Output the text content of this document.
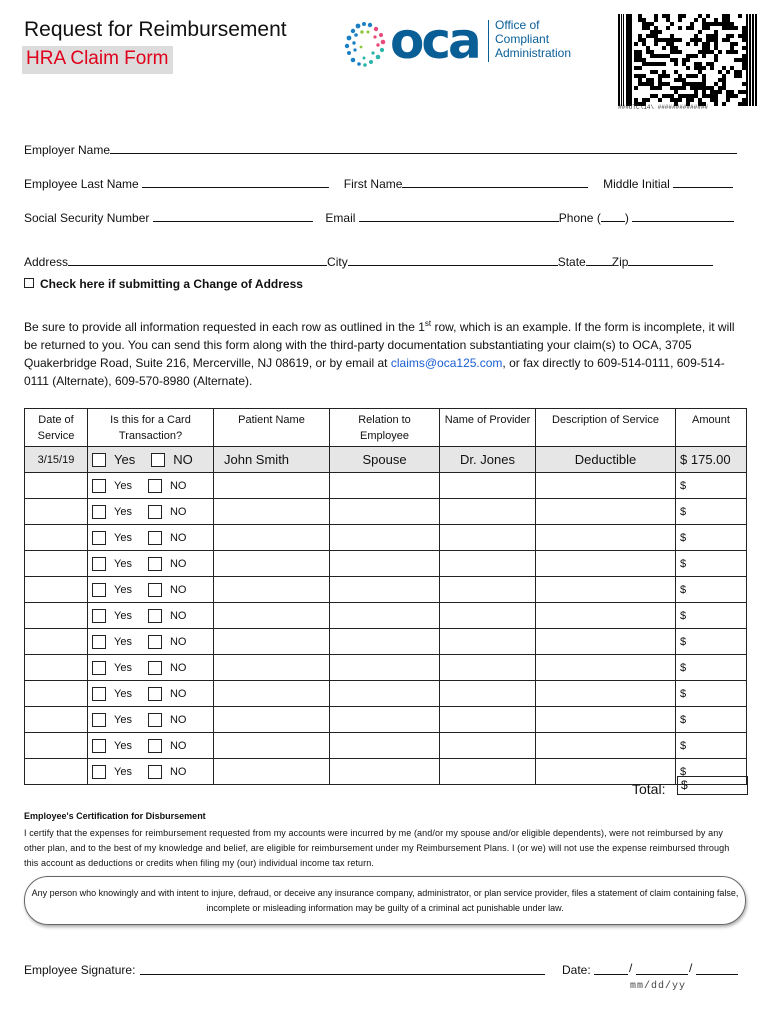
Request for Reimbursement
HRA Claim Form	oca Office of
Compliant
Administration
###OTC\14\ ##############
Employer Name
Employee Last Name	First Name	Middle Initial
Social Security Number	Email	Phone ( )
Address	City	State Zip
Check here if submitting a Change of Address
Be sure to provide all information requested in each row as outlined in the 1st row, which is an example. If the form is incomplete, it will be returned to you. You can send this form along with the third-party documentation substantiating your claim(s) to OCA, 3705 Quakerbridge Road, Suite 216, Mercerville, NJ 08619, or by email at claims@oca125.com, or fax directly to 609-514-0111, 609-514-0111 (Alternate), 609-570-8980 (Alternate).
Date of Service	Is this for a Card Transaction?	Patient Name	Relation to Employee	Name of Provider	Description of Service	Amount
3/15/19	Yes NO	John Smith	Spouse	Dr. Jones	Deductible	$ 175.00
	Yes NO					$
	Yes NO					$
	Yes NO					$
	Yes NO					$
	Yes NO					$
	Yes NO					$
	Yes NO					$
	Yes NO					$
	Yes NO					$
	Yes NO					$
	Yes NO					$
	Yes NO					$
Total:	$
Employee's Certification for Disbursement
I certify that the expenses for reimbursement requested from my accounts were incurred by me (and/or my spouse and/or eligible dependents), were not reimbursed by any other plan, and to the best of my knowledge and belief, are eligible for reimbursement under my Reimbursement Plans. I (or we) will not use the expense reimbursed through this account as deductions or credits when filing my (our) individual income tax return.
Any person who knowingly and with intent to injure, defraud, or deceive any insurance company, administrator, or plan service provider, files a statement of claim containing false, incomplete or misleading information may be guilty of a criminal act punishable under law.
Employee Signature:	Date:	/	/
mm/dd/yy
